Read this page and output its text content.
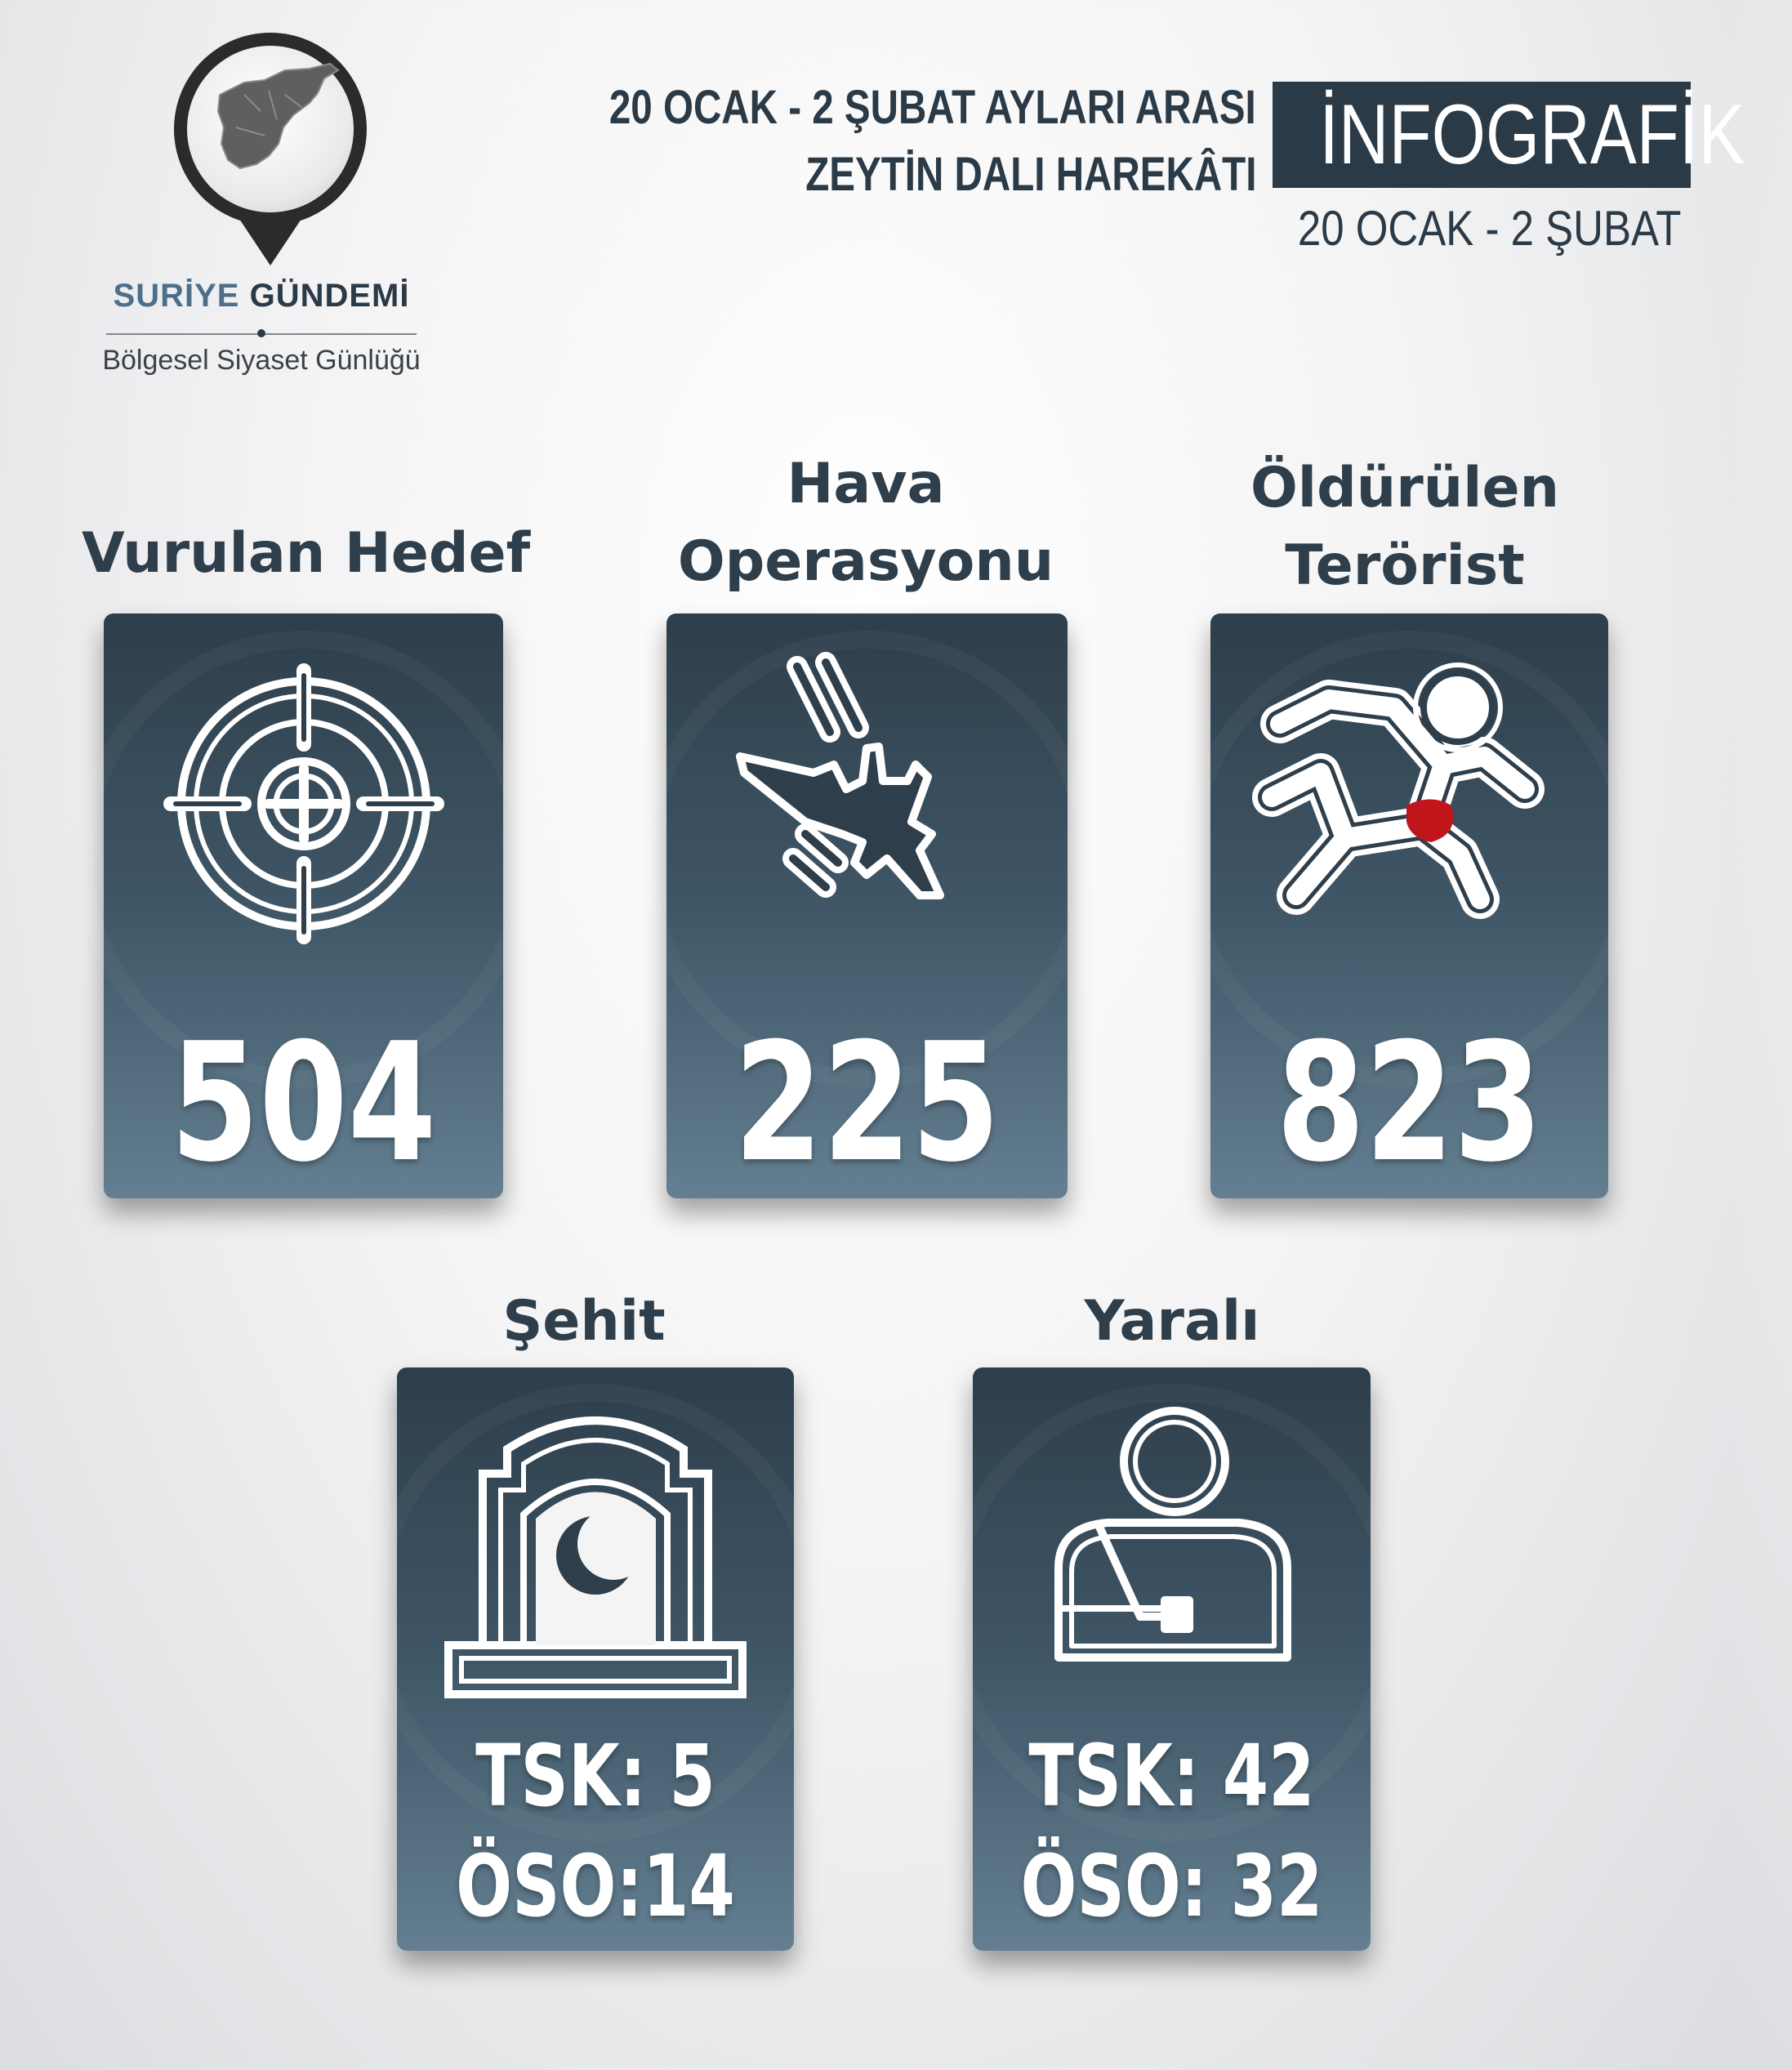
SURİYE GÜNDEMİ
Bölgesel Siyaset Günlüğü
20 OCAK - 2 ŞUBAT AYLARI ARASI
ZEYTİN DALI HAREKÂTI İNFOGRAFİK
20 OCAK - 2 ŞUBAT
Vurulan Hedef
504
Hava
Operasyonu
225
Öldürülen
Terörist
823
Şehit
TSK: 5
ÖSO:14
Yaralı
TSK: 42
ÖSO: 32
